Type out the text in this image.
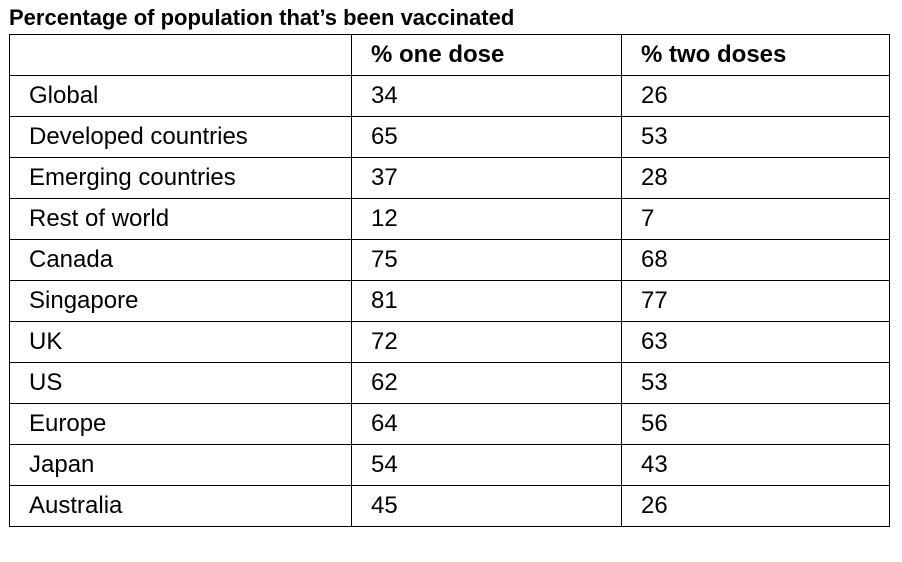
Percentage of population that’s been vaccinated
	% one dose	% two doses
Global	34	26
Developed countries	65	53
Emerging countries	37	28
Rest of world	12	7
Canada	75	68
Singapore	81	77
UK	72	63
US	62	53
Europe	64	56
Japan	54	43
Australia	45	26
